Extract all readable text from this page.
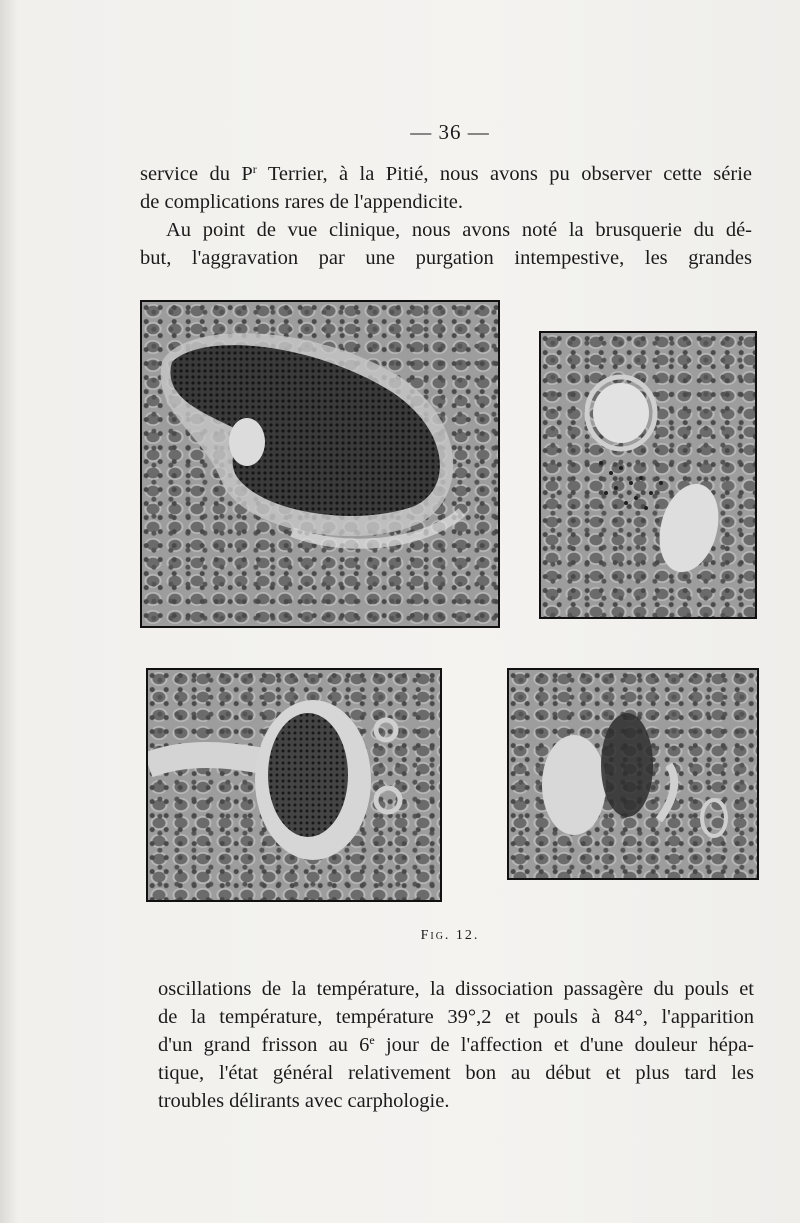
— 36 —

service du $P^r$ Terrier, à la Pitié, nous avons pu observer cette série
de complications rares de l'appendicite.
Au point de vue clinique, nous avons noté la brusquerie du dé-
but, l'aggravation par une purgation intempestive, les grandes

Fig. 12.

oscillations de la température, la dissociation passagère du pouls et
de la température, température 39°,2 et pouls à 84°, l'apparition
d'un grand frisson au 6e jour de l'affection et d'une douleur hépa-
tique, l'état général relativement bon au début et plus tard les
troubles délirants avec carphologie.
